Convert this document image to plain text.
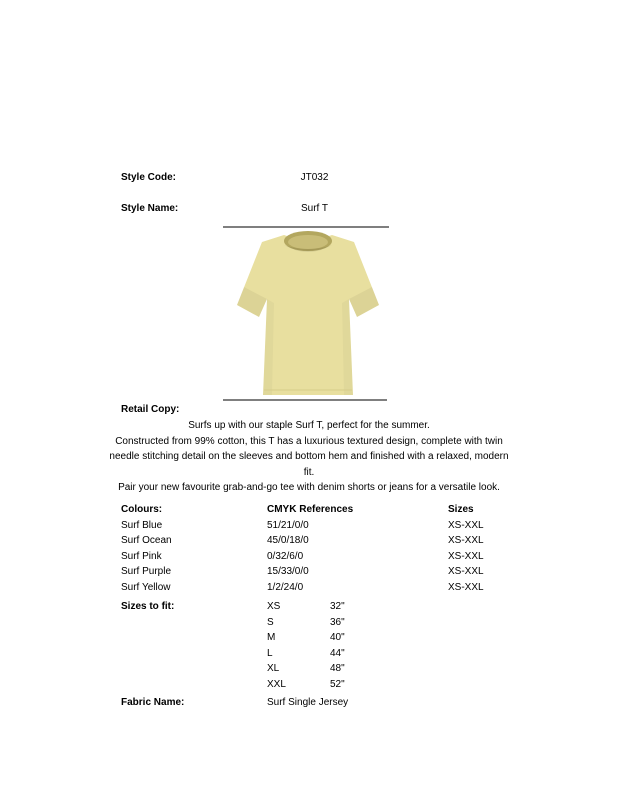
Style Code:	JT032
Style Name:	Surf T
Retail Copy:
Surfs up with our staple Surf T, perfect for the summer.
Constructed from 99% cotton, this T has a luxurious textured design, complete with twin
needle stitching detail on the sleeves and bottom hem and finished with a relaxed, modern
fit.
Pair your new favourite grab-and-go tee with denim shorts or jeans for a versatile look.
Colours:	CMYK References	Sizes
Surf Blue	51/21/0/0	XS-XXL
Surf Ocean	45/0/18/0	XS-XXL
Surf Pink	0/32/6/0	XS-XXL
Surf Purple	15/33/0/0	XS-XXL
Surf Yellow	1/2/24/0	XS-XXL
Sizes to fit:	XS	32"
S	36"
M	40"
L	44"
XL	48"
XXL	52"
Fabric Name:	Surf Single Jersey
